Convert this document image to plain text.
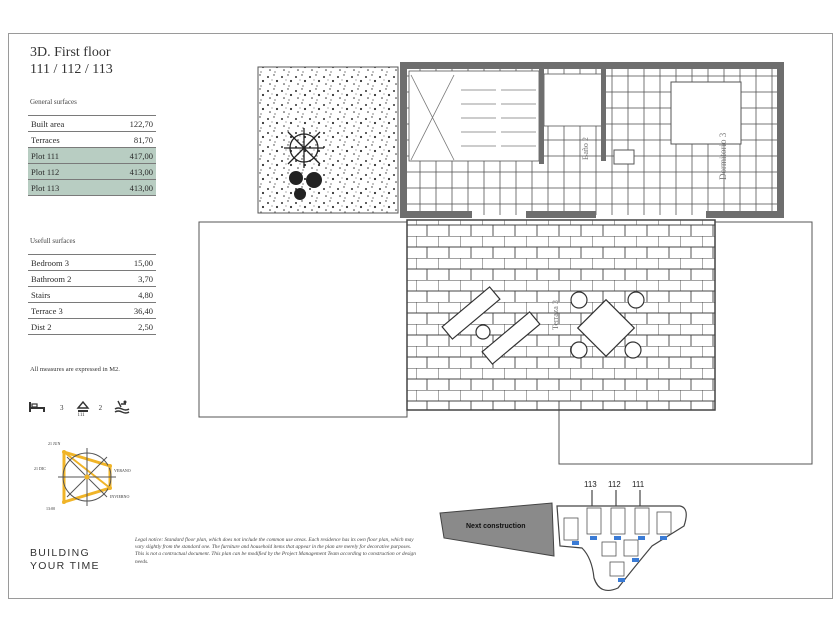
3D. First floor
111 / 112 / 113
General surfaces
Built area	122,70
Terraces	81,70
Plot 111	417,00
Plot 112	413,00
Plot 113	413,00
Usefull surfaces
Bedroom 3	15,00
Bathroom 2	3,70
Stairs	4,80
Terrace 3	36,40
Dist 2	2,50
All measures are expressed in M2.
3
111
2
21 JUN
21 DIC	VERANO
INVIERNO
13:00
BUILDING
YOUR TIME
Legal notice: Standard floor plan, which does not include the common use areas. Each residence has its own floor plan, which may vary slightly from the standard one. The furniture and household items that appear in the plan are merely for decorative purposes. This is not a contractual document. This plan can be modified by the Project Management Team according to construction or design needs.
Baño 2	Dormitorio 3
Terraza 3
113 112 111
Next construction
